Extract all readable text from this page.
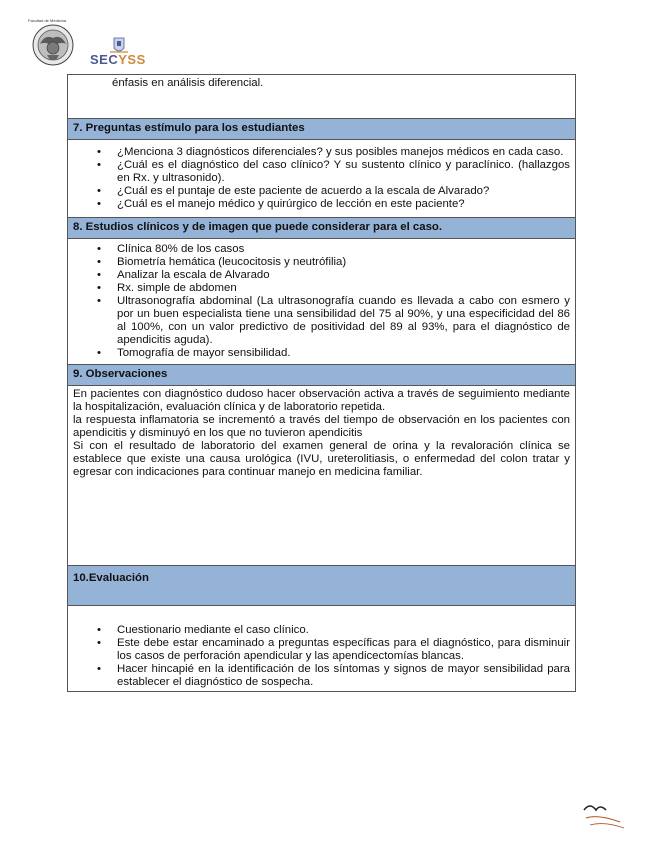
Facultad de Medicina
SECYSS
énfasis en análisis diferencial.

7. Preguntas estímulo para los estudiantes

• ¿Menciona 3 diagnósticos diferenciales? y sus posibles manejos médicos en cada caso.
• ¿Cuál es el diagnóstico del caso clínico? Y su sustento clínico y paraclínico. (hallazgos en Rx. y ultrasonido).
• ¿Cuál es el puntaje de este paciente de acuerdo a la escala de Alvarado?
• ¿Cuál es el manejo médico y quirúrgico de lección en este paciente?

8. Estudios clínicos y de imagen que puede considerar para el caso.

• Clínica 80% de los casos
• Biometría hemática (leucocitosis y neutrófilia)
• Analizar la escala de Alvarado
• Rx. simple de abdomen
• Ultrasonografía abdominal (La ultrasonografía cuando es llevada a cabo con esmero y por un buen especialista tiene una sensibilidad del 75 al 90%, y una especificidad del 86 al 100%, con un valor predictivo de positividad del 89 al 93%, para el diagnóstico de apendicitis aguda).
• Tomografía de mayor sensibilidad.

9. Observaciones

En pacientes con diagnóstico dudoso hacer observación activa a través de seguimiento mediante la hospitalización, evaluación clínica y de laboratorio repetida.
la respuesta inflamatoria se incrementó a través del tiempo de observación en los pacientes con apendicitis y disminuyó en los que no tuvieron apendicitis
Si con el resultado de laboratorio del examen general de orina y la revaloración clínica se establece que existe una causa urológica (IVU, ureterolitiasis, o enfermedad del colon tratar y egresar con indicaciones para continuar manejo en medicina familiar.

10.Evaluación

• Cuestionario mediante el caso clínico.
• Este debe estar encaminado a preguntas específicas para el diagnóstico, para disminuir los casos de perforación apendicular y las apendicectomías blancas.
• Hacer hincapié en la identificación de los síntomas y signos de mayor sensibilidad para establecer el diagnóstico de sospecha.
